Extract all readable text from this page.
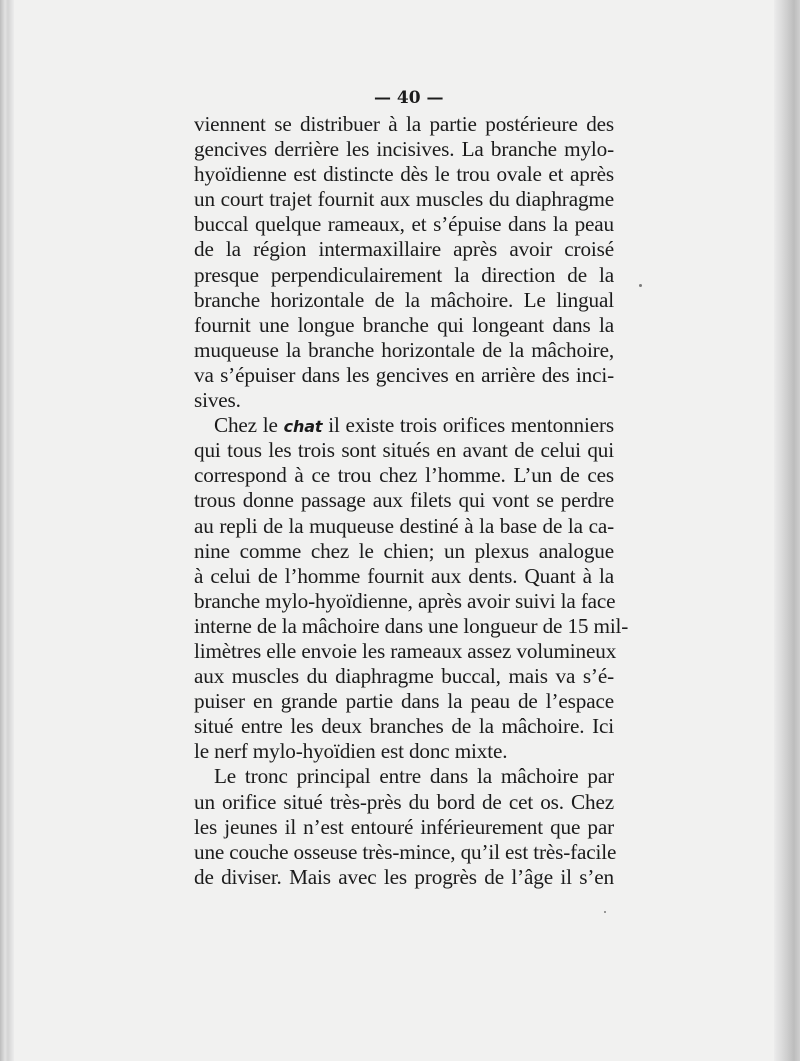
— 40 —
viennent se distribuer à la partie postérieure des
gencives derrière les incisives. La branche mylo-
hyoïdienne est distincte dès le trou ovale et après
un court trajet fournit aux muscles du diaphragme
buccal quelque rameaux, et s’épuise dans la peau
de la région intermaxillaire après avoir croisé
presque perpendiculairement la direction de la
branche horizontale de la mâchoire. Le lingual
fournit une longue branche qui longeant dans la
muqueuse la branche horizontale de la mâchoire,
va s’épuiser dans les gencives en arrière des inci-
sives.
Chez le chat il existe trois orifices mentonniers
qui tous les trois sont situés en avant de celui qui
correspond à ce trou chez l’homme. L’un de ces
trous donne passage aux filets qui vont se perdre
au repli de la muqueuse destiné à la base de la ca-
nine comme chez le chien; un plexus analogue
à celui de l’homme fournit aux dents. Quant à la
branche mylo-hyoïdienne, après avoir suivi la face
interne de la mâchoire dans une longueur de 15 mil-
limètres elle envoie les rameaux assez volumineux
aux muscles du diaphragme buccal, mais va s’é-
puiser en grande partie dans la peau de l’espace
situé entre les deux branches de la mâchoire. Ici
le nerf mylo-hyoïdien est donc mixte.
Le tronc principal entre dans la mâchoire par
un orifice situé très-près du bord de cet os. Chez
les jeunes il n’est entouré inférieurement que par
une couche osseuse très-mince, qu’il est très-facile
de diviser. Mais avec les progrès de l’âge il s’en
